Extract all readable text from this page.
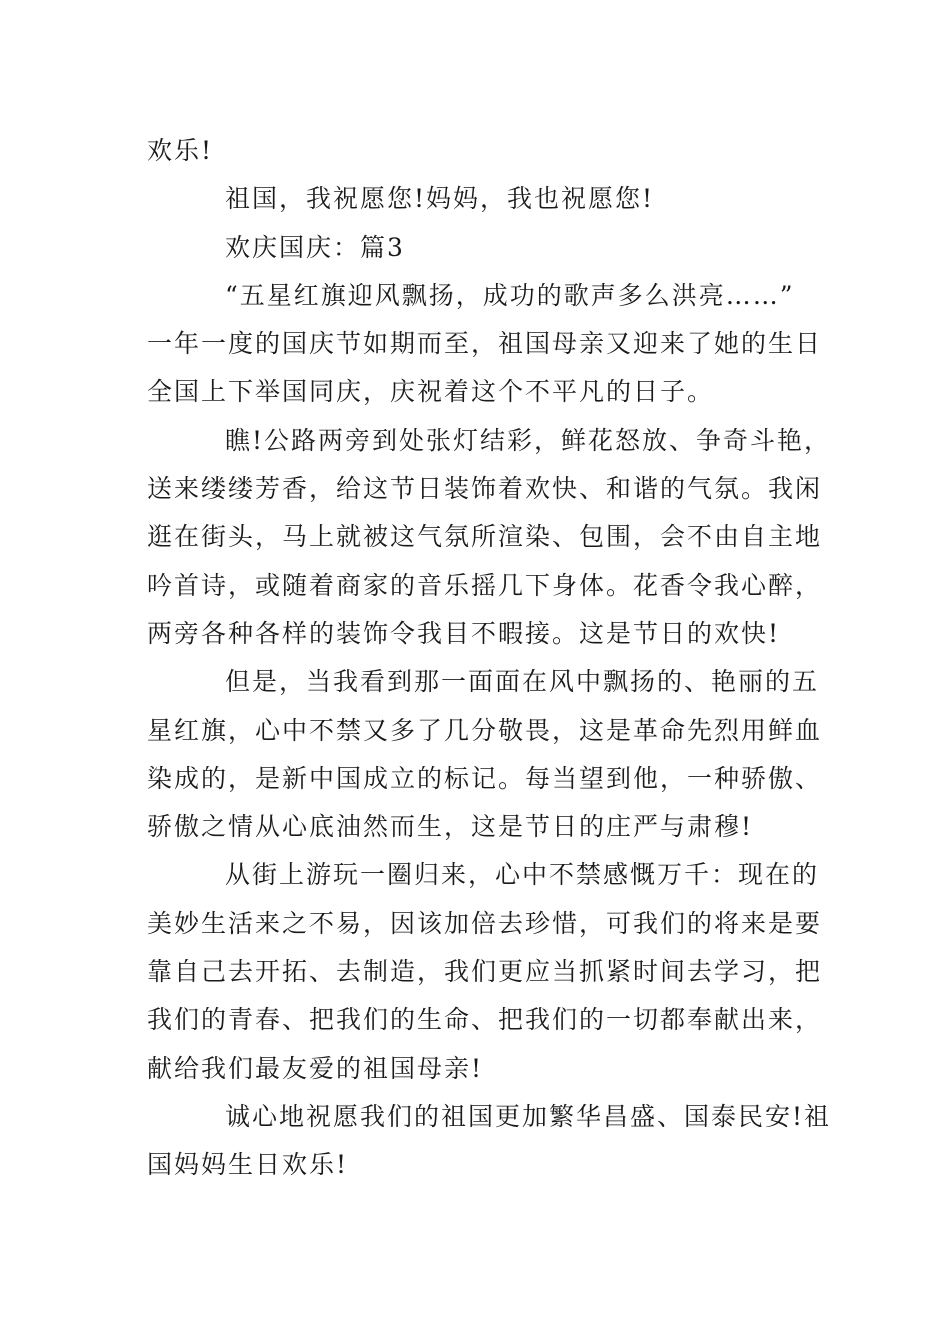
欢乐!
祖国，我祝愿您!妈妈，我也祝愿您!
欢庆国庆：篇3
“五星红旗迎风飘扬，成功的歌声多么洪亮……”
一年一度的国庆节如期而至，祖国母亲又迎来了她的生日
全国上下举国同庆，庆祝着这个不平凡的日子。
瞧!公路两旁到处张灯结彩，鲜花怒放、争奇斗艳，
送来缕缕芳香，给这节日装饰着欢快、和谐的气氛。我闲
逛在街头，马上就被这气氛所渲染、包围，会不由自主地
吟首诗，或随着商家的音乐摇几下身体。花香令我心醉，
两旁各种各样的装饰令我目不暇接。这是节日的欢快!
但是，当我看到那一面面在风中飘扬的、艳丽的五
星红旗，心中不禁又多了几分敬畏，这是革命先烈用鲜血
染成的，是新中国成立的标记。每当望到他，一种骄傲、
骄傲之情从心底油然而生，这是节日的庄严与肃穆!
从街上游玩一圈归来，心中不禁感慨万千：现在的
美妙生活来之不易，因该加倍去珍惜，可我们的将来是要
靠自己去开拓、去制造，我们更应当抓紧时间去学习，把
我们的青春、把我们的生命、把我们的一切都奉献出来，
献给我们最友爱的祖国母亲!
诚心地祝愿我们的祖国更加繁华昌盛、国泰民安!祖
国妈妈生日欢乐!
